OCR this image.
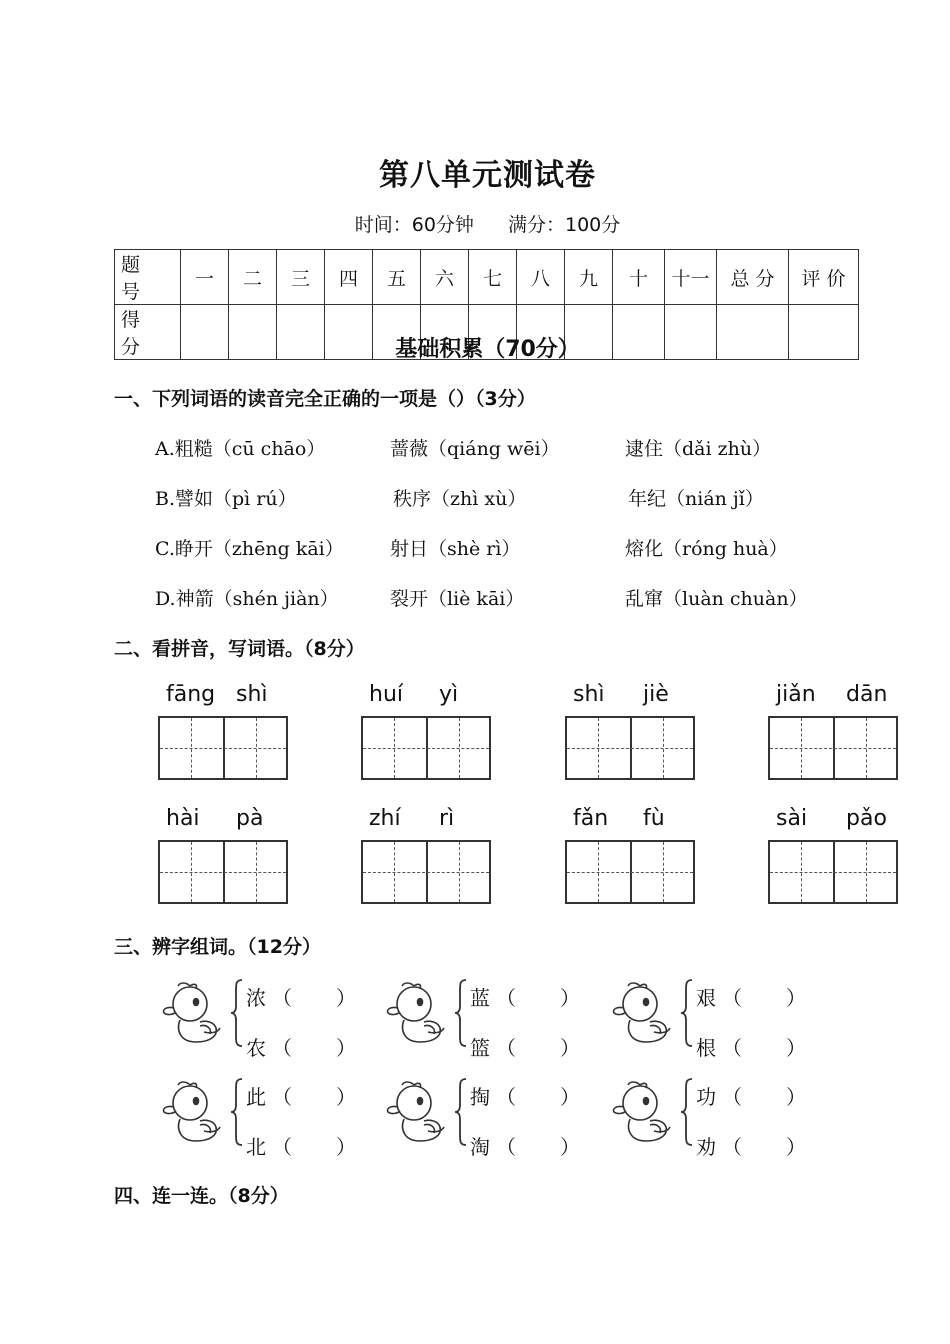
第八单元测试卷
时间：60分钟 满分：100分
题 号	一	二	三	四	五	六	七	八	九	十	十一	总 分	评 价
得 分														基础积累（70分）
一、下列词语的读音完全正确的一项是（）（3分）
A.粗糙（cū chāo）	蔷薇（qiáng wēi）	逮住（dǎi zhù）
B.譬如（pì rú）	秩序（zhì xù）	年纪（nián jǐ）
C.睁开（zhēng kāi） 射日（shè rì）	熔化（róng huà）
D.神箭（shén jiàn）	裂开（liè kāi）	乱窜（luàn chuàn）
二、看拼音，写词语。（8分）
fāng shì	huí yì	shì jiè	jiǎn dān
hài pà	zhí rì	fǎn fù	sài pǎo
三、辨字组词。（12分）
浓 （ ）
农 （ ）
蓝 （ ）
篮 （ ）
艰 （ ）
根 （ ）
此 （ ）
北 （ ）
掏 （ ）
淘 （ ）
功 （ ）
劝 （ ）
四、连一连。（8分）
